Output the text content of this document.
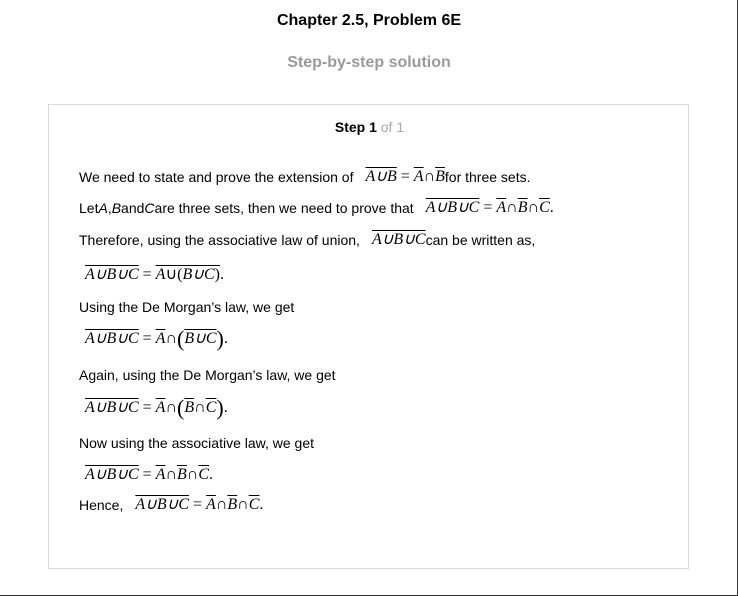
Chapter 2.5, Problem 6E
Step-by-step solution
Step 1 of 1
We need to state and prove the extension of A∪B = $\overline{A}\cap\overline{B}$ for three sets.
Let A , B and C are three sets, then we need to prove that A∪B∪C = $\overline{A}\cap\overline{B}\cap\overline{C}$.
Therefore, using the associative law of union, A∪B∪C can be written as,
A∪B∪C = A∪(B∪C).
Using the De Morgan’s law, we get
A∪B∪C = $\overline{A}\cap(B\cup C)$.
Again, using the De Morgan’s law, we get
A∪B∪C = $\overline{A}\cap(\overline{B}\cap\overline{C})$.
Now using the associative law, we get
A∪B∪C = $\overline{A}\cap\overline{B}\cap\overline{C}$.
Hence, A∪B∪C = $\overline{A}\cap\overline{B}\cap\overline{C}$.
